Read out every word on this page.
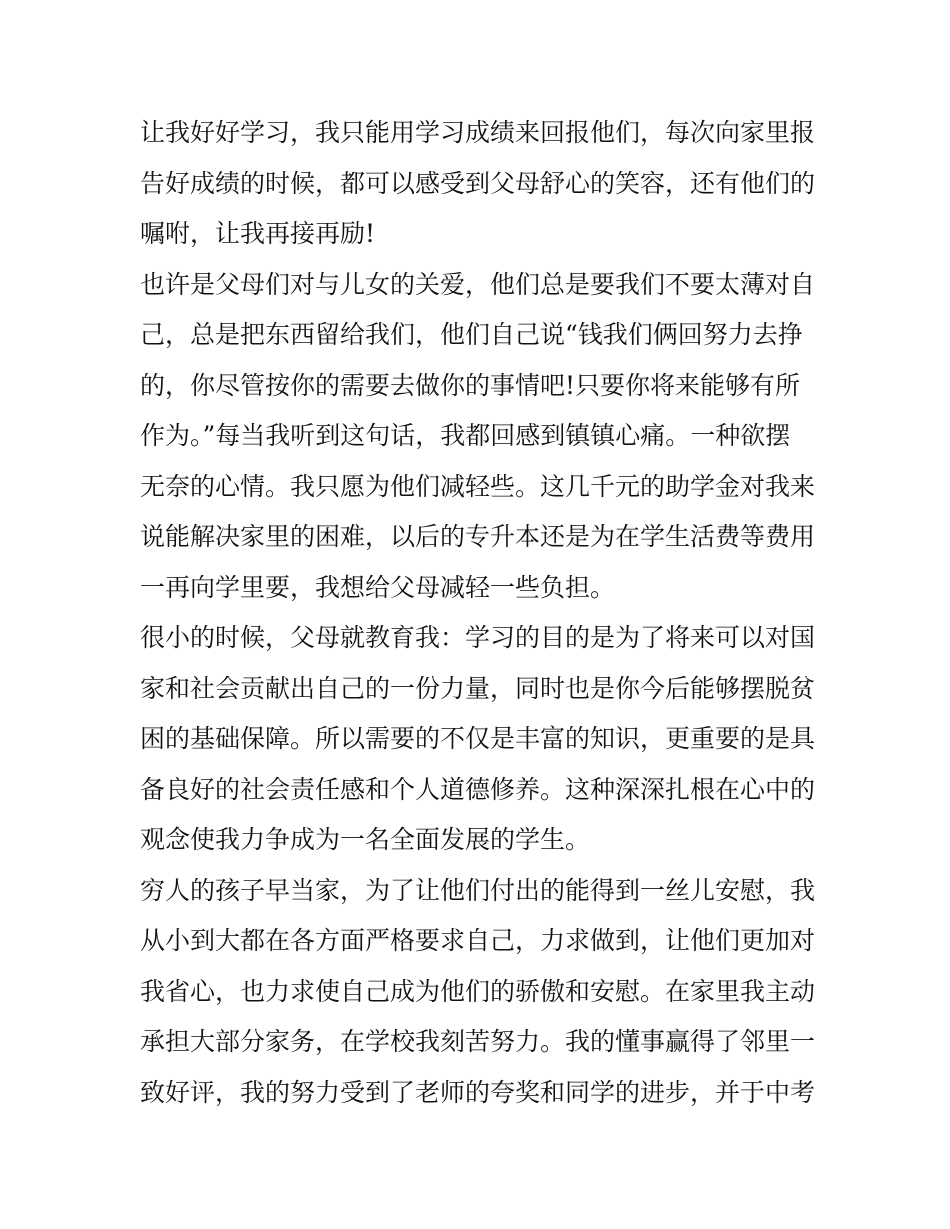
让我好好学习，我只能用学习成绩来回报他们，每次向家里报
告好成绩的时候，都可以感受到父母舒心的笑容，还有他们的
嘱咐，让我再接再励!
也许是父母们对与儿女的关爱，他们总是要我们不要太薄对自
己，总是把东西留给我们，他们自己说“钱我们俩回努力去挣
的，你尽管按你的需要去做你的事情吧!只要你将来能够有所
作为。”每当我听到这句话，我都回感到镇镇心痛。一种欲摆
无奈的心情。我只愿为他们减轻些。这几千元的助学金对我来
说能解决家里的困难，以后的专升本还是为在学生活费等费用
一再向学里要，我想给父母减轻一些负担。
很小的时候，父母就教育我：学习的目的是为了将来可以对国
家和社会贡献出自己的一份力量，同时也是你今后能够摆脱贫
困的基础保障。所以需要的不仅是丰富的知识，更重要的是具
备良好的社会责任感和个人道德修养。这种深深扎根在心中的
观念使我力争成为一名全面发展的学生。
穷人的孩子早当家，为了让他们付出的能得到一丝儿安慰，我
从小到大都在各方面严格要求自己，力求做到，让他们更加对
我省心，也力求使自己成为他们的骄傲和安慰。在家里我主动
承担大部分家务，在学校我刻苦努力。我的懂事赢得了邻里一
致好评，我的努力受到了老师的夸奖和同学的进步，并于中考
